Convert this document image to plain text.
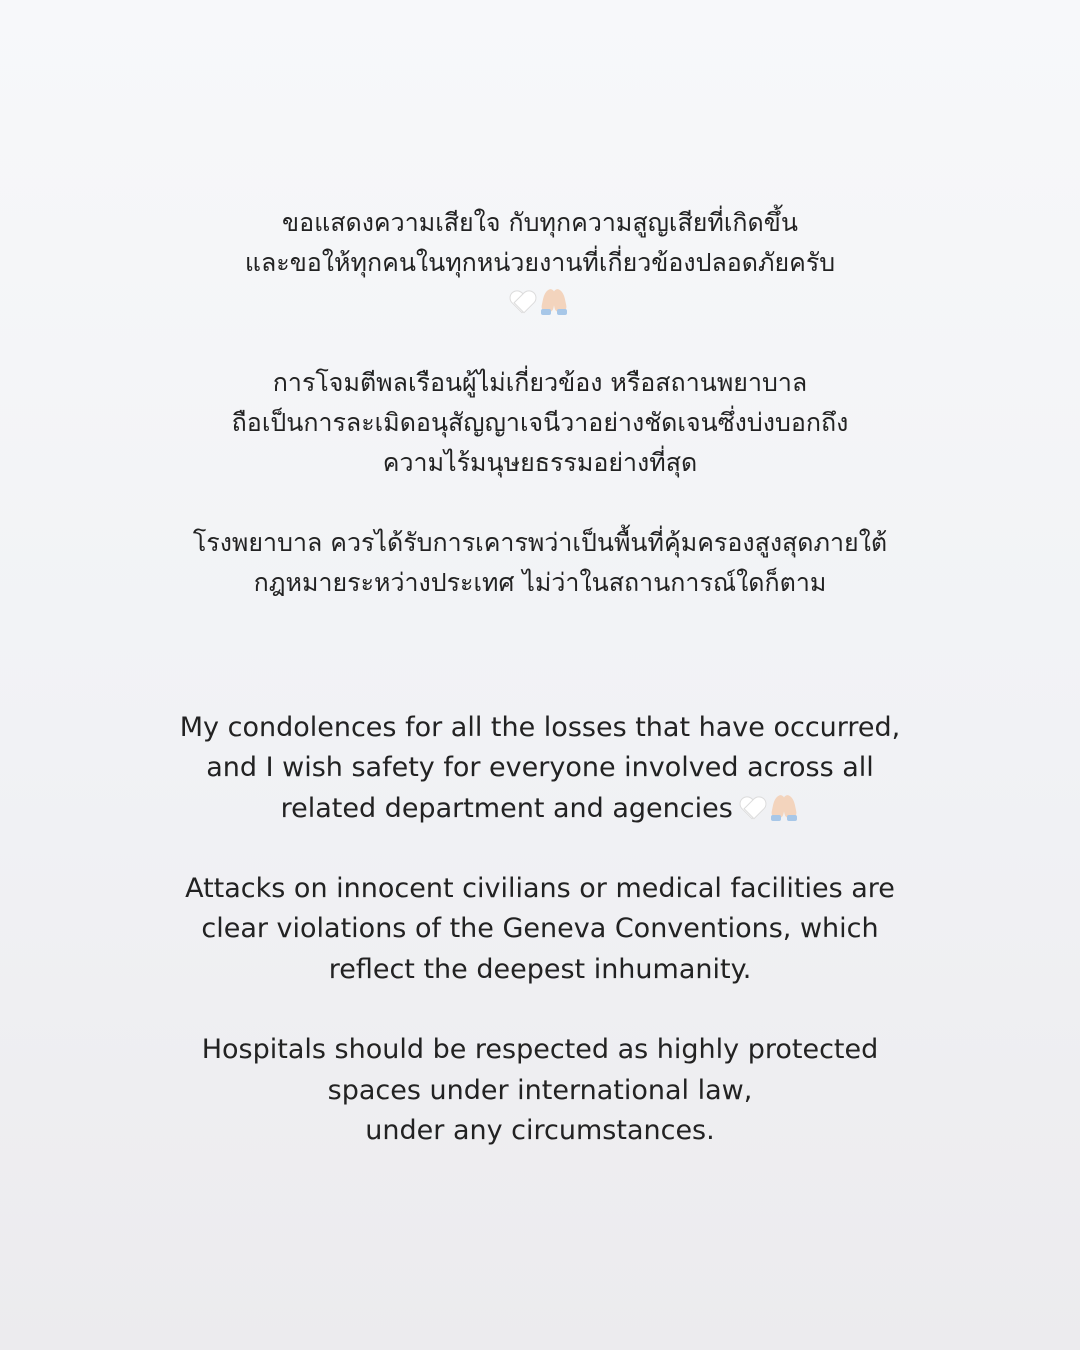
ขอแสดงความเสียใจ กับทุกความสูญเสียที่เกิดขึ้น
และขอให้ทุกคนในทุกหน่วยงานที่เกี่ยวข้องปลอดภัยครับ
การโจมตีพลเรือนผู้ไม่เกี่ยวข้อง หรือสถานพยาบาล
ถือเป็นการละเมิดอนุสัญญาเจนีวาอย่างชัดเจนซึ่งบ่งบอกถึง
ความไร้มนุษยธรรมอย่างที่สุด
โรงพยาบาล ควรได้รับการเคารพว่าเป็นพื้นที่คุ้มครองสูงสุดภายใต้
กฎหมายระหว่างประเทศ ไม่ว่าในสถานการณ์ใดก็ตาม
My condolences for all the losses that have occurred,
and I wish safety for everyone involved across all
related department and agencies
Attacks on innocent civilians or medical facilities are
clear violations of the Geneva Conventions, which
reflect the deepest inhumanity.
Hospitals should be respected as highly protected
spaces under international law,
under any circumstances.
